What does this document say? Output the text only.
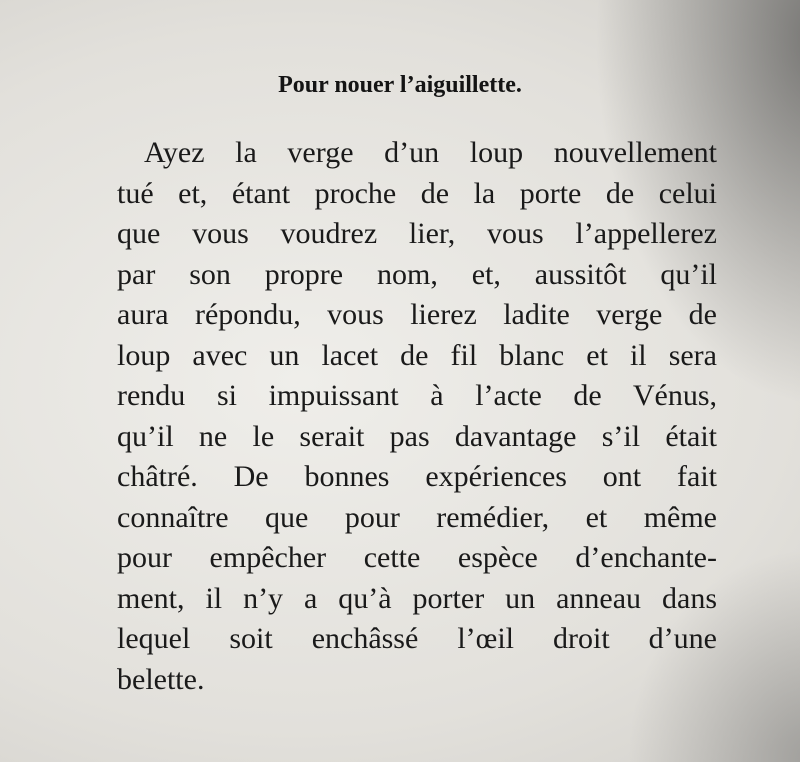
Pour nouer l’aiguillette.
Ayez la verge d’un loup nouvellement
tué et, étant proche de la porte de celui
que vous voudrez lier, vous l’appellerez
par son propre nom, et, aussitôt qu’il
aura répondu, vous lierez ladite verge de
loup avec un lacet de fil blanc et il sera
rendu si impuissant à l’acte de Vénus,
qu’il ne le serait pas davantage s’il était
châtré. De bonnes expériences ont fait
connaître que pour remédier, et même
pour empêcher cette espèce d’enchante-
ment, il n’y a qu’à porter un anneau dans
lequel soit enchâssé l’œil droit d’une
belette.
